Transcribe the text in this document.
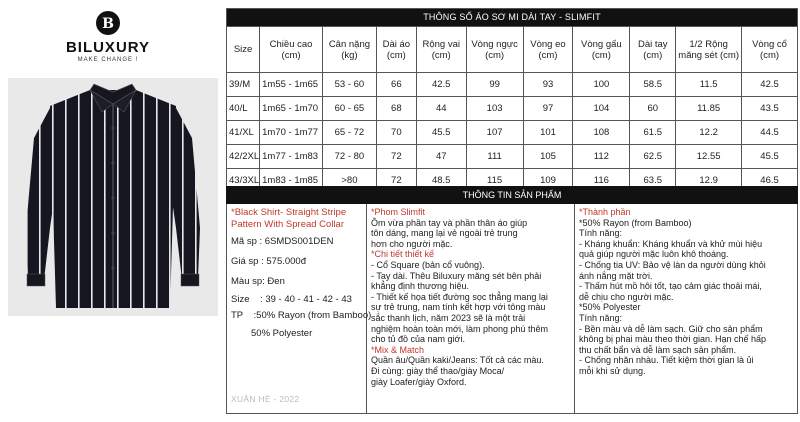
B
BILUXURY
MAKE CHANGE !
THÔNG SỐ ÁO SƠ MI DÀI TAY - SLIMFIT										
Size	Chiều cao (cm)	Cân nặng (kg)	Dài áo (cm)	Rộng vai (cm)	Vòng ngực (cm)	Vòng eo (cm)	Vòng gấu (cm)	Dài tay (cm)	1/2 Rộng măng sét (cm)	Vòng cổ (cm)
39/M	1m55 - 1m65	53 - 60	66	42.5	99	93	100	58.5	11.5	42.5
40/L	1m65 - 1m70	60 - 65	68	44	103	97	104	60	11.85	43.5
41/XL	1m70 - 1m77	65 - 72	70	45.5	107	101	108	61.5	12.2	44.5
42/2XL	1m77 - 1m83	72 - 80	72	47	111	105	112	62.5	12.55	45.5
43/3XL	1m83 - 1m85	>80	72	48.5	115	109	116	63.5	12.9	46.5
THÔNG TIN SẢN PHẨM
*Black Shirt- Straight Stripe Pattern With Spread Collar
Mã sp : 6SMDS001DEN
Giá sp : 575.000đ
Màu sp: Đen
Size    : 39 - 40 - 41 - 42 - 43
TP    :50% Rayon (from Bamboo)
50% Polyester
XUÂN HÈ - 2022
*Phom Slimfit
Ôm vừa phần tay và phần thân áo giúp
tôn dáng, mang lại vẻ ngoài trẻ trung
hơn cho người mặc.
*Chi tiết thiết kế
- Cổ Square (bản cổ vuông).
- Tay dài. Thêu Biluxury măng sét bên phải
khẳng định thương hiệu.
- Thiết kế họa tiết đường sọc thẳng mang lại
sự trẻ trung, nam tính kết hợp với tông màu
sắc thanh lịch, năm 2023 sẽ là một trải
nghiệm hoàn toàn mới, làm phong phú thêm
cho tủ đồ của nam giới.
*Mix & Match
Quần âu/Quần kaki/Jeans: Tốt cả các màu.
Đi cùng: giày thể thao/giày Moca/
giày Loafer/giày Oxford.
*Thành phần
*50% Rayon (from Bamboo)
Tính năng:
- Kháng khuẩn: Kháng khuẩn và khử mùi hiệu
quả giúp người mặc luôn khô thoáng.
- Chống tia UV: Bảo vệ làn da người dùng khỏi
ánh nắng mặt trời.
- Thấm hút mồ hôi tốt, tạo cảm giác thoải mái,
dễ chịu cho người mặc.
*50% Polyester
Tính năng:
- Bền màu và dễ làm sạch. Giữ cho sản phẩm
không bị phai màu theo thời gian. Hạn chế hấp
thu chất bẩn và dễ làm sạch sản phẩm.
- Chống nhăn nhàu. Tiết kiệm thời gian là ủi
mỗi khi sử dụng.
